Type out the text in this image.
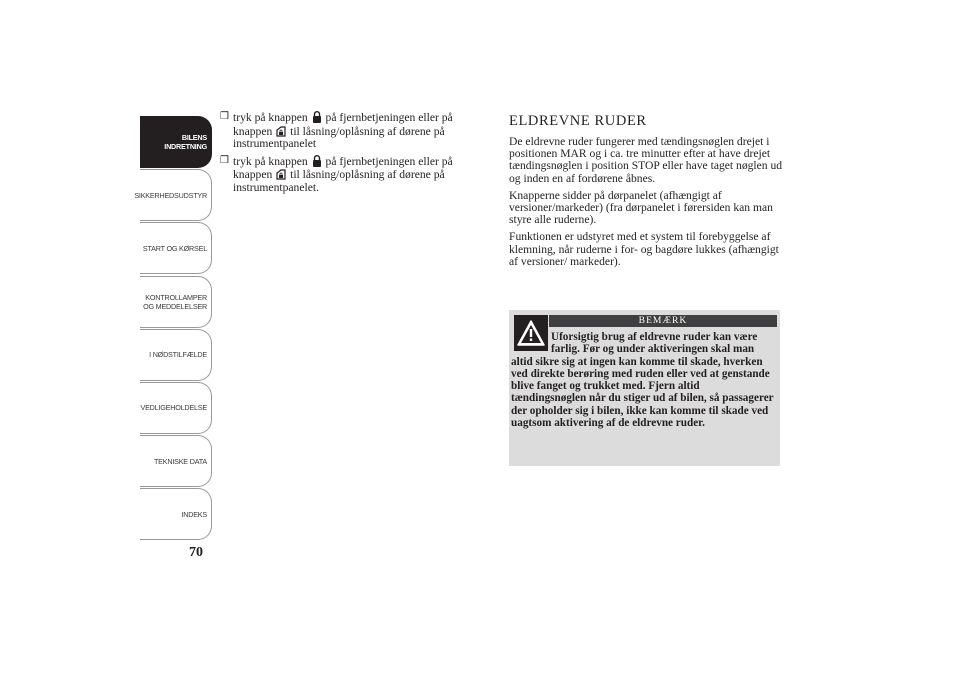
BILENS
INDRETNING
SIKKERHEDSUDSTYR
START OG KØRSEL
KONTROLLAMPER
OG MEDDELELSER
I NØDSTILFÆLDE
VEDLIGEHOLDELSE
TEKNISKE DATA
INDEKS
70
❒ tryk på knappen på fjernbetjeningen eller på knappen til låsning/oplåsning af dørene på instrumentpanelet
❒ tryk på knappen på fjernbetjeningen eller på knappen til låsning/oplåsning af dørene på instrumentpanelet.
ELDREVNE RUDER

De eldrevne ruder fungerer med tændingsnøglen drejet i positionen MAR og i ca. tre minutter efter at have drejet tændingsnøglen i position STOP eller have taget nøglen ud og inden en af fordørene åbnes.

Knapperne sidder på dørpanelet (afhængigt af versioner/markeder) (fra dørpanelet i førersiden kan man styre alle ruderne).

Funktionen er udstyret med et system til forebyggelse af klemning, når ruderne i for- og bagdøre lukkes (afhængigt af versioner/ markeder).

BEMÆRK
Uforsigtig brug af eldrevne ruder kan være farlig. Før og under aktiveringen skal man altid sikre sig at ingen kan komme til skade, hverken ved direkte berøring med ruden eller ved at genstande blive fanget og trukket med. Fjern altid tændingsnøglen når du stiger ud af bilen, så passagerer der opholder sig i bilen, ikke kan komme til skade ved uagtsom aktivering af de eldrevne ruder.
